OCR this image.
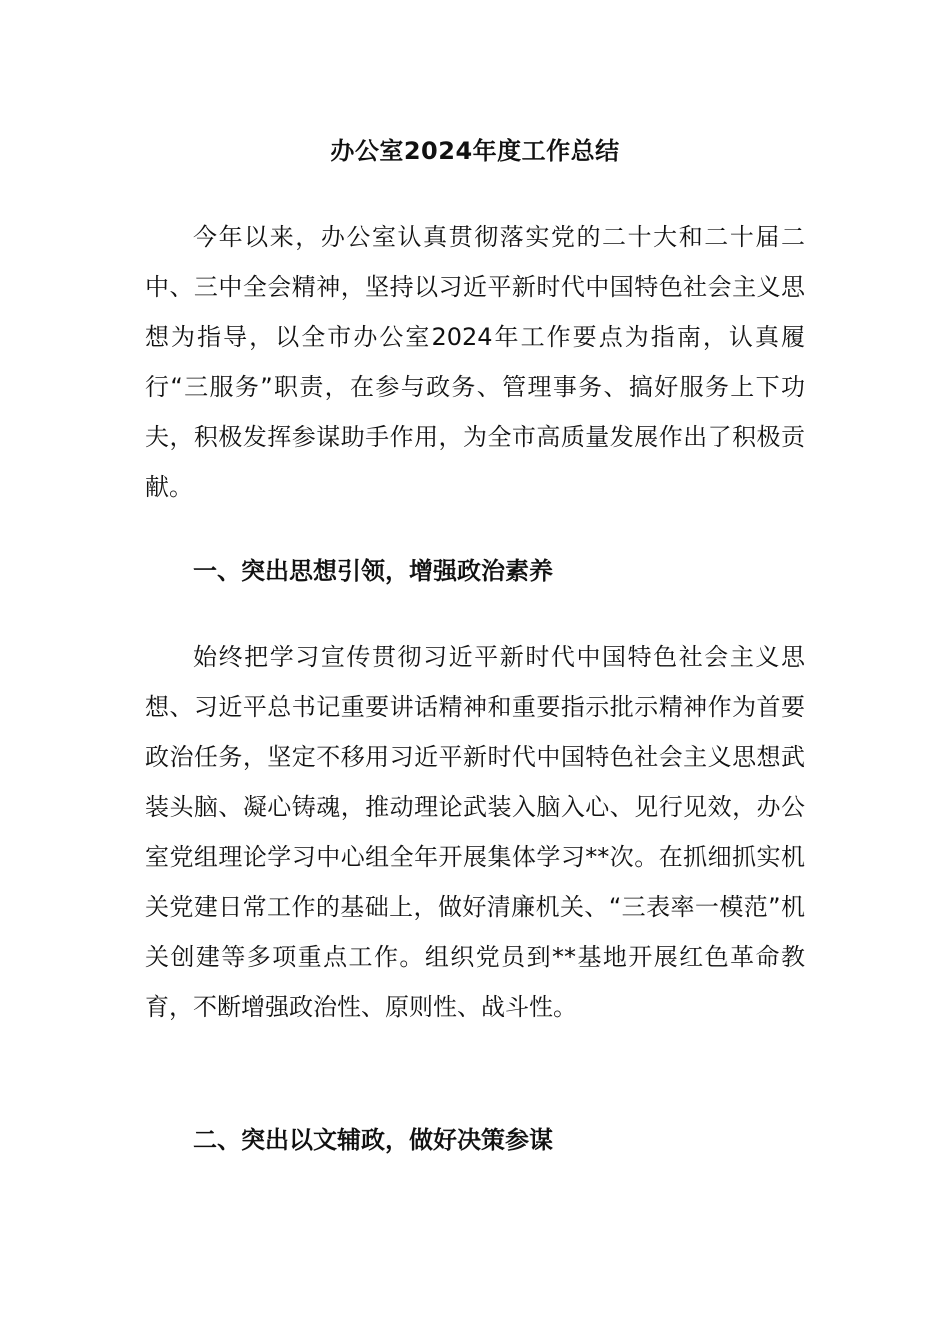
办公室2024年度工作总结

今年以来，办公室认真贯彻落实党的二十大和二十届二中、三中全会精神，坚持以习近平新时代中国特色社会主义思想为指导，以全市办公室2024年工作要点为指南，认真履行“三服务”职责，在参与政务、管理事务、搞好服务上下功夫，积极发挥参谋助手作用，为全市高质量发展作出了积极贡献。

一、突出思想引领，增强政治素养

始终把学习宣传贯彻习近平新时代中国特色社会主义思想、习近平总书记重要讲话精神和重要指示批示精神作为首要政治任务，坚定不移用习近平新时代中国特色社会主义思想武装头脑、凝心铸魂，推动理论武装入脑入心、见行见效，办公室党组理论学习中心组全年开展集体学习**次。在抓细抓实机关党建日常工作的基础上，做好清廉机关、“三表率一模范”机关创建等多项重点工作。组织党员到**基地开展红色革命教育，不断增强政治性、原则性、战斗性。

二、突出以文辅政，做好决策参谋
